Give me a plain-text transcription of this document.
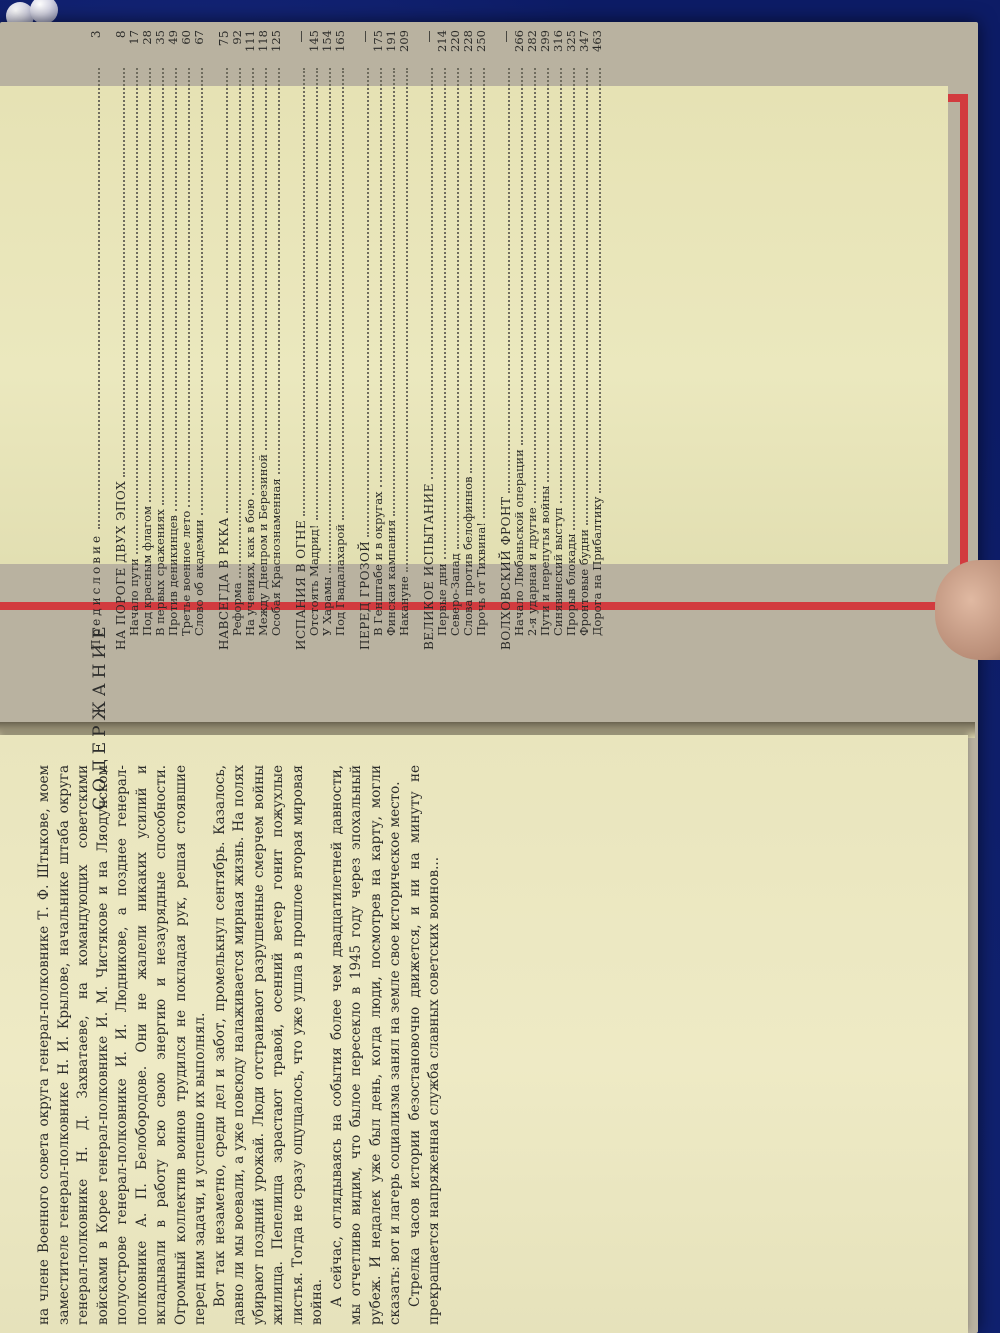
СОДЕРЖАНИЕ
Предисловие
3
НА ПОРОГЕ ДВУХ ЭПОХ
8
Начало пути
17
Под красным флагом
28
В первых сражениях
35
Против деникинцев
49
Третье военное лето
60
Слово об академии
67
НАВСЕГДА В РККА
75
Реформа
92
На учениях, как в бою
111
Между Днепром и Березиной
118
Особая Краснознаменная
125
ИСПАНИЯ В ОГНЕ
—
Отстоять Мадрид!
145
У Харамы
154
Под Гвадалахарой
165
ПЕРЕД ГРОЗОЙ
—
В Генштабе и в округах
175
Финская кампания
191
Накануне
209
ВЕЛИКОЕ ИСПЫТАНИЕ
—
Первые дни
214
Северо-Запад
220
Слова против белофиннов
228
Прочь от Тихвина!
250
ВОЛХОВСКИЙ ФРОНТ
—
Начало Любаньской операции
266
2-я ударная и другие
282
Пути и перепутья войны
299
Синявинский выступ
316
Прорыв блокады
325
Фронтовые будни
347
Дорога на Прибалтику
463

на члене Военного совета округа генерал-полковнике Т. Ф. Штыкове, моем заместителе генерал-полковнике Н. И. Крылове, начальнике штаба округа генерал-полковнике Н. Д. Захватаеве, на командующих советскими войсками в Корее генерал-полковнике И. М. Чистякове и на Ляодунском полуострове генерал-полковнике И. И. Людникове, а позднее генерал-полковнике А. П. Белобородове. Они не жалели никаких усилий и вкладывали в работу всю свою энергию и незаурядные способности. Огромный коллектив воинов трудился не покладая рук, решая стоявшие перед ним задачи, и успешно их выполнял. Вот так незаметно, среди дел и забот, промелькнул сентябрь. Казалось, давно ли мы воевали, а уже повсюду налаживается мирная жизнь. На полях убирают поздний урожай. Люди отстраивают разрушенные смерчем войны жилища. Пепелища зарастают травой, осенний ветер гонит пожухлые листья. Тогда не сразу ощущалось, что уже ушла в прошлое вторая мировая война. А сейчас, оглядываясь на события более чем двадцатилетней давности, мы отчетливо видим, что былое пересекло в 1945 году через эпохальный рубеж. И недалек уже был день, когда люди, посмотрев на карту, могли сказать: вот и лагерь социализма занял на земле свое историческое место. Стрелка часов истории безостановочно движется, и ни на минуту не прекращается напряженная служба славных советских воинов...
